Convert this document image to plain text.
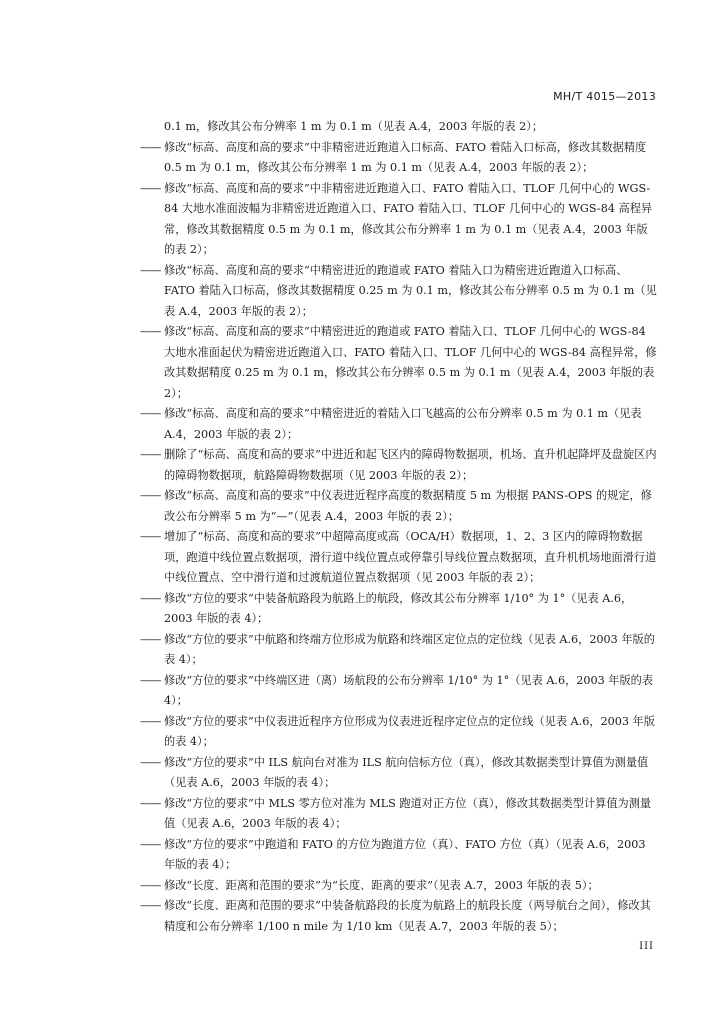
MH/T 4015—2013
0.1 m，修改其公布分辨率 1 m 为 0.1 m（见表 A.4，2003 年版的表 2）；
—— 修改“标高、高度和高的要求”中非精密进近跑道入口标高、FATO 着陆入口标高，修改其数据精度 0.5 m 为 0.1 m，修改其公布分辨率 1 m 为 0.1 m（见表 A.4，2003 年版的表 2）；
—— 修改“标高、高度和高的要求”中非精密进近跑道入口、FATO 着陆入口、TLOF 几何中心的 WGS-84 大地水准面波幅为非精密进近跑道入口、FATO 着陆入口、TLOF 几何中心的 WGS-84 高程异常，修改其数据精度 0.5 m 为 0.1 m，修改其公布分辨率 1 m 为 0.1 m（见表 A.4，2003 年版的表 2）；
—— 修改“标高、高度和高的要求”中精密进近的跑道或 FATO 着陆入口为精密进近跑道入口标高、FATO 着陆入口标高，修改其数据精度 0.25 m 为 0.1 m，修改其公布分辨率 0.5 m 为 0.1 m（见表 A.4，2003 年版的表 2）；
—— 修改“标高、高度和高的要求”中精密进近的跑道或 FATO 着陆入口、TLOF 几何中心的 WGS-84 大地水准面起伏为精密进近跑道入口、FATO 着陆入口、TLOF 几何中心的 WGS-84 高程异常，修改其数据精度 0.25 m 为 0.1 m，修改其公布分辨率 0.5 m 为 0.1 m（见表 A.4，2003 年版的表 2）；
—— 修改“标高、高度和高的要求”中精密进近的着陆入口飞越高的公布分辨率 0.5 m 为 0.1 m（见表 A.4，2003 年版的表 2）；
—— 删除了“标高、高度和高的要求”中进近和起飞区内的障碍物数据项，机场、直升机起降坪及盘旋区内的障碍物数据项，航路障碍物数据项（见 2003 年版的表 2）；
—— 修改“标高、高度和高的要求”中仪表进近程序高度的数据精度 5 m 为根据 PANS-OPS 的规定，修改公布分辨率 5 m 为“—”（见表 A.4，2003 年版的表 2）；
—— 增加了“标高、高度和高的要求”中超障高度或高（OCA/H）数据项，1、2、3 区内的障碍物数据项，跑道中线位置点数据项，滑行道中线位置点或停靠引导线位置点数据项，直升机机场地面滑行道中线位置点、空中滑行道和过渡航道位置点数据项（见 2003 年版的表 2）；
—— 修改“方位的要求”中装备航路段为航路上的航段，修改其公布分辨率 1/10° 为 1°（见表 A.6，2003 年版的表 4）；
—— 修改“方位的要求”中航路和终端方位形成为航路和终端区定位点的定位线（见表 A.6，2003 年版的表 4）；
—— 修改“方位的要求”中终端区进（离）场航段的公布分辨率 1/10° 为 1°（见表 A.6，2003 年版的表 4）；
—— 修改“方位的要求”中仪表进近程序方位形成为仪表进近程序定位点的定位线（见表 A.6，2003 年版的表 4）；
—— 修改“方位的要求”中 ILS 航向台对准为 ILS 航向信标方位（真），修改其数据类型计算值为测量值（见表 A.6，2003 年版的表 4）；
—— 修改“方位的要求”中 MLS 零方位对准为 MLS 跑道对正方位（真），修改其数据类型计算值为测量值（见表 A.6，2003 年版的表 4）；
—— 修改“方位的要求”中跑道和 FATO 的方位为跑道方位（真）、FATO 方位（真）（见表 A.6，2003 年版的表 4）；
—— 修改“长度、距离和范围的要求”为“长度、距离的要求”（见表 A.7，2003 年版的表 5）；
—— 修改“长度、距离和范围的要求”中装备航路段的长度为航路上的航段长度（两导航台之间），修改其精度和公布分辨率 1/100 n mile 为 1/10 km（见表 A.7，2003 年版的表 5）；
III
